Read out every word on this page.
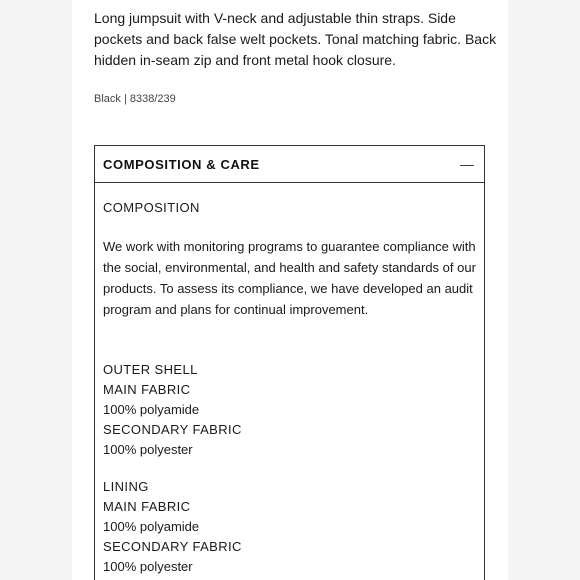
Long jumpsuit with V-neck and adjustable thin straps. Side pockets and back false welt pockets. Tonal matching fabric. Back hidden in-seam zip and front metal hook closure.

Black | 8338/239

COMPOSITION & CARE	—
COMPOSITION

We work with monitoring programs to guarantee compliance with the social, environmental, and health and safety standards of our products. To assess its compliance, we have developed an audit program and plans for continual improvement.

OUTER SHELL
MAIN FABRIC
100% polyamide
SECONDARY FABRIC
100% polyester
LINING
MAIN FABRIC
100% polyamide
SECONDARY FABRIC
100% polyester
